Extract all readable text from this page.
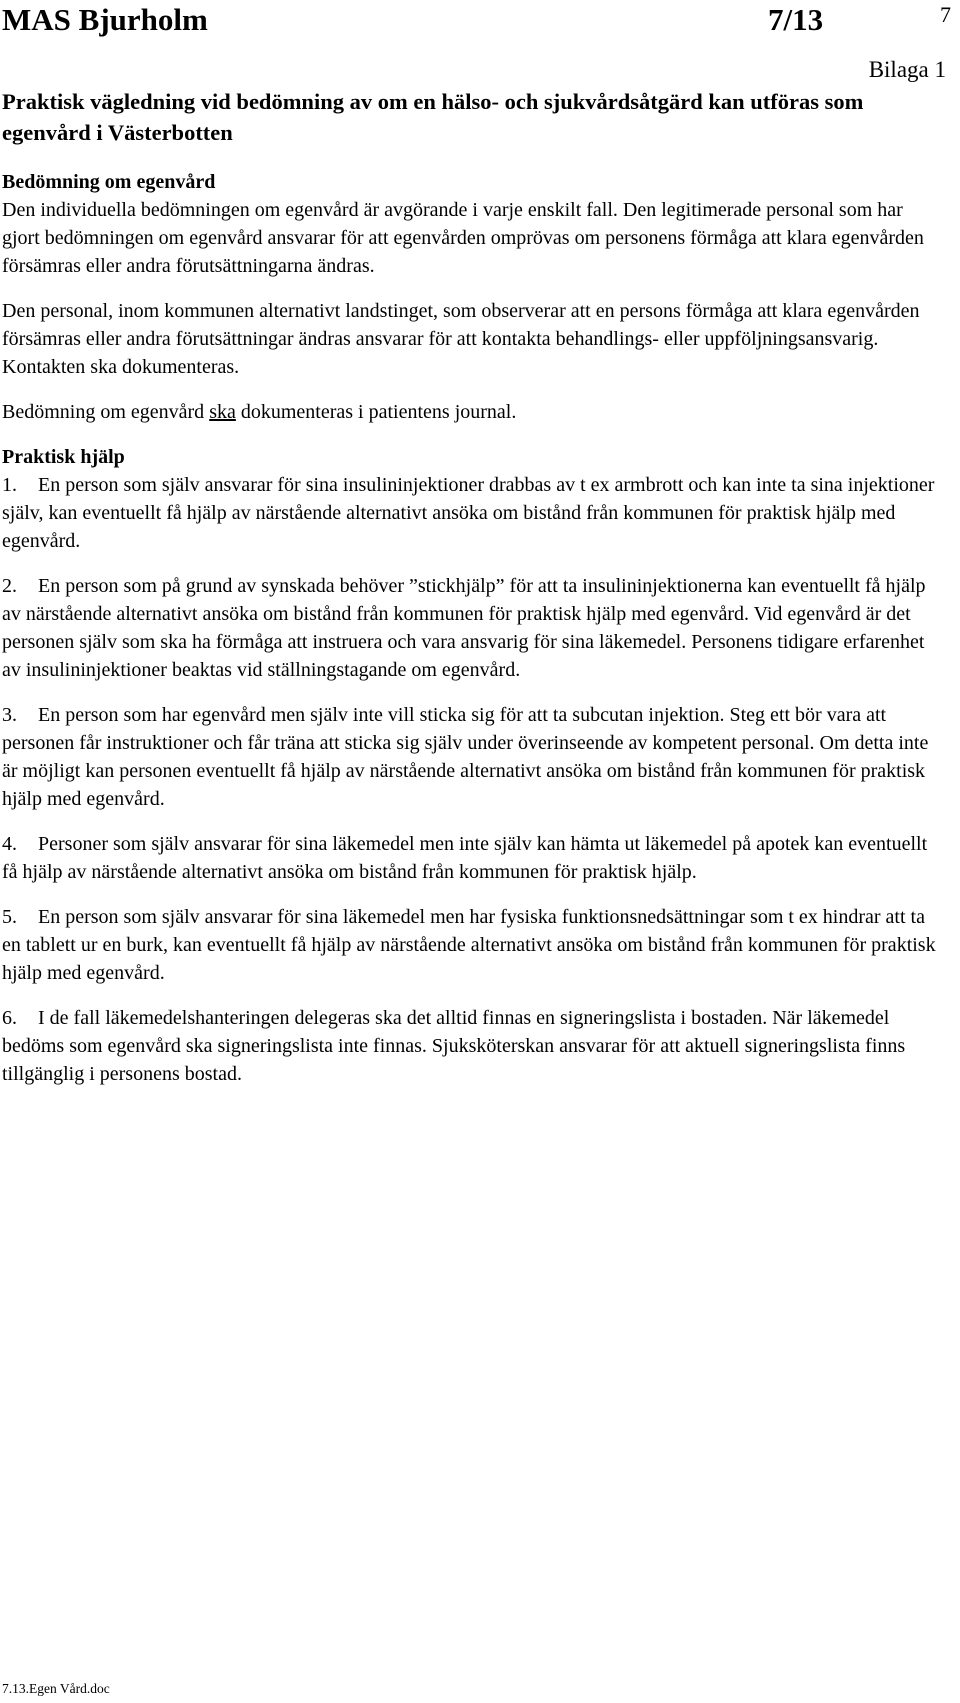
MAS Bjurholm	7/13	7
Bilaga 1
Praktisk vägledning vid bedömning av om en hälso- och sjukvårdsåtgärd kan utföras som egenvård i Västerbotten
Bedömning om egenvård

Den individuella bedömningen om egenvård är avgörande i varje enskilt fall. Den legitimerade personal som har gjort bedömningen om egenvård ansvarar för att egenvården omprövas om personens förmåga att klara egenvården försämras eller andra förutsättningarna ändras.

Den personal, inom kommunen alternativt landstinget, som observerar att en persons förmåga att klara egenvården försämras eller andra förutsättningar ändras ansvarar för att kontakta behandlings- eller uppföljningsansvarig. Kontakten ska dokumenteras.

Bedömning om egenvård ska dokumenteras i patientens journal.

Praktisk hjälp
1. En person som själv ansvarar för sina insulininjektioner drabbas av t ex armbrott och kan inte ta sina injektioner själv, kan eventuellt få hjälp av närstående alternativt ansöka om bistånd från kommunen för praktisk hjälp med egenvård.
2. En person som på grund av synskada behöver ”stickhjälp” för att ta insulininjektionerna kan eventuellt få hjälp av närstående alternativt ansöka om bistånd från kommunen för praktisk hjälp med egenvård. Vid egenvård är det personen själv som ska ha förmåga att instruera och vara ansvarig för sina läkemedel. Personens tidigare erfarenhet av insulininjektioner beaktas vid ställningstagande om egenvård.
3. En person som har egenvård men själv inte vill sticka sig för att ta subcutan injektion. Steg ett bör vara att personen får instruktioner och får träna att sticka sig själv under överinseende av kompetent personal. Om detta inte är möjligt kan personen eventuellt få hjälp av närstående alternativt ansöka om bistånd från kommunen för praktisk hjälp med egenvård.
4. Personer som själv ansvarar för sina läkemedel men inte själv kan hämta ut läkemedel på apotek kan eventuellt få hjälp av närstående alternativt ansöka om bistånd från kommunen för praktisk hjälp.
5. En person som själv ansvarar för sina läkemedel men har fysiska funktionsnedsättningar som t ex hindrar att ta en tablett ur en burk, kan eventuellt få hjälp av närstående alternativt ansöka om bistånd från kommunen för praktisk hjälp med egenvård.
6. I de fall läkemedelshanteringen delegeras ska det alltid finnas en signeringslista i bostaden. När läkemedel bedöms som egenvård ska signeringslista inte finnas. Sjuksköterskan ansvarar för att aktuell signeringslista finns tillgänglig i personens bostad.
7.13.Egen Vård.doc
